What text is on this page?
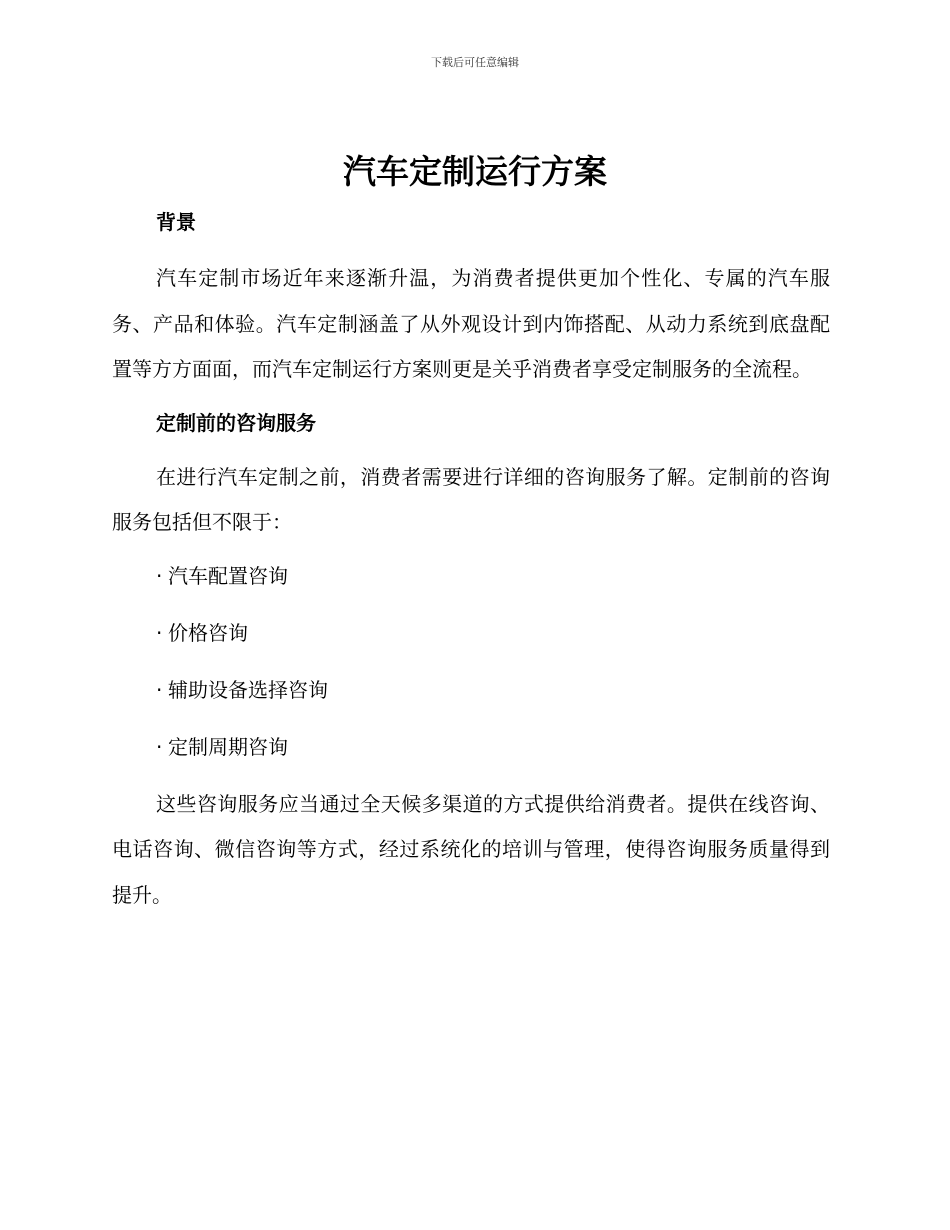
下载后可任意编辑
汽车定制运行方案
背景

汽车定制市场近年来逐渐升温，为消费者提供更加个性化、专属的汽车服务、产品和体验。汽车定制涵盖了从外观设计到内饰搭配、从动力系统到底盘配置等方方面面，而汽车定制运行方案则更是关乎消费者享受定制服务的全流程。

定制前的咨询服务

在进行汽车定制之前，消费者需要进行详细的咨询服务了解。定制前的咨询服务包括但不限于：

· 汽车配置咨询
· 价格咨询
· 辅助设备选择咨询
· 定制周期咨询

这些咨询服务应当通过全天候多渠道的方式提供给消费者。提供在线咨询、电话咨询、微信咨询等方式，经过系统化的培训与管理，使得咨询服务质量得到提升。
